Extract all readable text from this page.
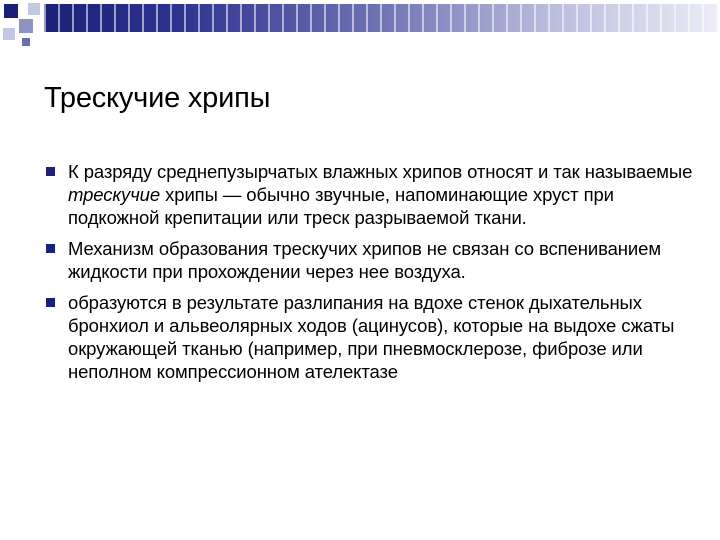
Трескучие хрипы
К разряду среднепузырчатых влажных хрипов относят и так называемые трескучие хрипы — обычно звучные, напоминающие хруст при подкожной крепитации или треск разрываемой ткани.
Механизм образования трескучих хрипов не связан со вспениванием жидкости при прохождении через нее воздуха.
образуются в результате разлипания на вдохе стенок дыхательных бронхиол и альвеолярных ходов (ацинусов), которые на выдохе сжаты окружающей тканью (например, при пневмосклерозе, фиброзе или неполном компрессионном ателектазе
